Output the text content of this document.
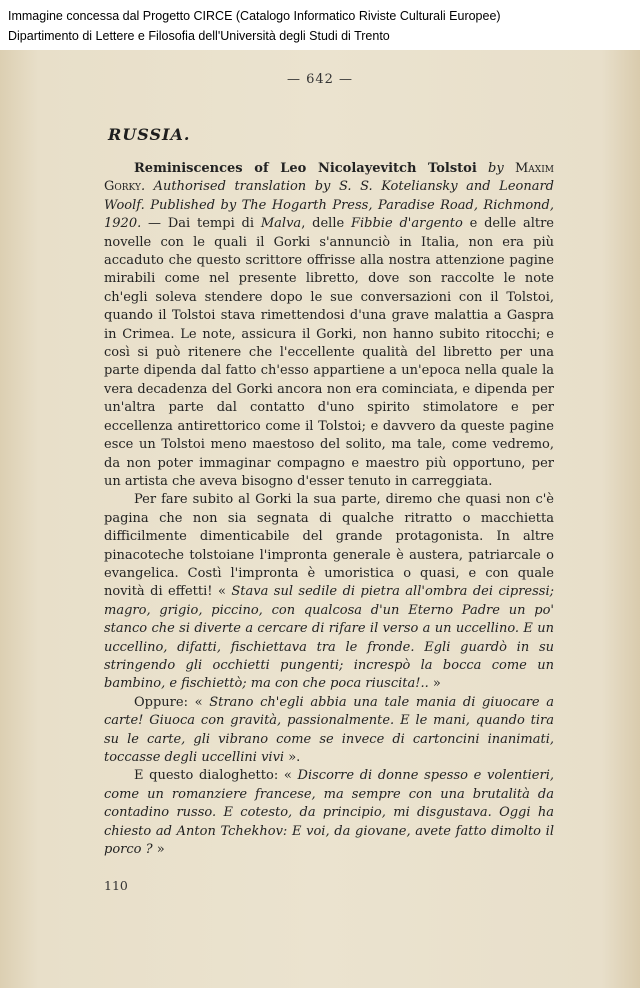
Immagine concessa dal Progetto CIRCE (Catalogo Informatico Riviste Culturali Europee)
Dipartimento di Lettere e Filosofia dell'Università degli Studi di Trento
— 642 —
RUSSIA.

Reminiscences of Leo Nicolayevitch Tolstoi by Maxim Gorky. Authorised translation by S. S. Koteliansky and Leonard Woolf. Published by The Hogarth Press, Paradise Road, Richmond, 1920. — Dai tempi di Malva, delle Fibbie d'argento e delle altre novelle con le quali il Gorki s'annunciò in Italia, non era più accaduto che questo scrittore offrisse alla nostra attenzione pagine mirabili come nel presente libretto, dove son raccolte le note ch'egli soleva stendere dopo le sue conversazioni con il Tolstoi, quando il Tolstoi stava rimettendosi d'una grave malattia a Gaspra in Crimea. Le note, assicura il Gorki, non hanno subito ritocchi; e così si può ritenere che l'eccellente qualità del libretto per una parte dipenda dal fatto ch'esso appartiene a un'epoca nella quale la vera decadenza del Gorki ancora non era cominciata, e dipenda per un'altra parte dal contatto d'uno spirito stimolatore e per eccellenza antirettorico come il Tolstoi; e davvero da queste pagine esce un Tolstoi meno maestoso del solito, ma tale, come vedremo, da non poter immaginar compagno e maestro più opportuno, per un artista che aveva bisogno d'esser tenuto in carreggiata.

Per fare subito al Gorki la sua parte, diremo che quasi non c'è pagina che non sia segnata di qualche ritratto o macchietta difficilmente dimenticabile del grande protagonista. In altre pinacoteche tolstoiane l'impronta generale è austera, patriarcale o evangelica. Costì l'impronta è umoristica o quasi, e con quale novità di effetti! « Stava sul sedile di pietra all'ombra dei cipressi; magro, grigio, piccino, con qualcosa d'un Eterno Padre un po' stanco che si diverte a cercare di rifare il verso a un uccellino. E un uccellino, difatti, fischiettava tra le fronde. Egli guardò in su stringendo gli occhietti pungenti; increspò la bocca come un bambino, e fischiettò; ma con che poca riuscita!.. »

Oppure: « Strano ch'egli abbia una tale mania di giuocare a carte! Giuoca con gravità, passionalmente. E le mani, quando tira su le carte, gli vibrano come se invece di cartoncini inanimati, toccasse degli uccellini vivi ».

E questo dialoghetto: « Discorre di donne spesso e volentieri, come un romanziere francese, ma sempre con una brutalità da contadino russo. E cotesto, da principio, mi disgustava. Oggi ha chiesto ad Anton Tchekhov: E voi, da giovane, avete fatto dimolto il porco ? »

110
